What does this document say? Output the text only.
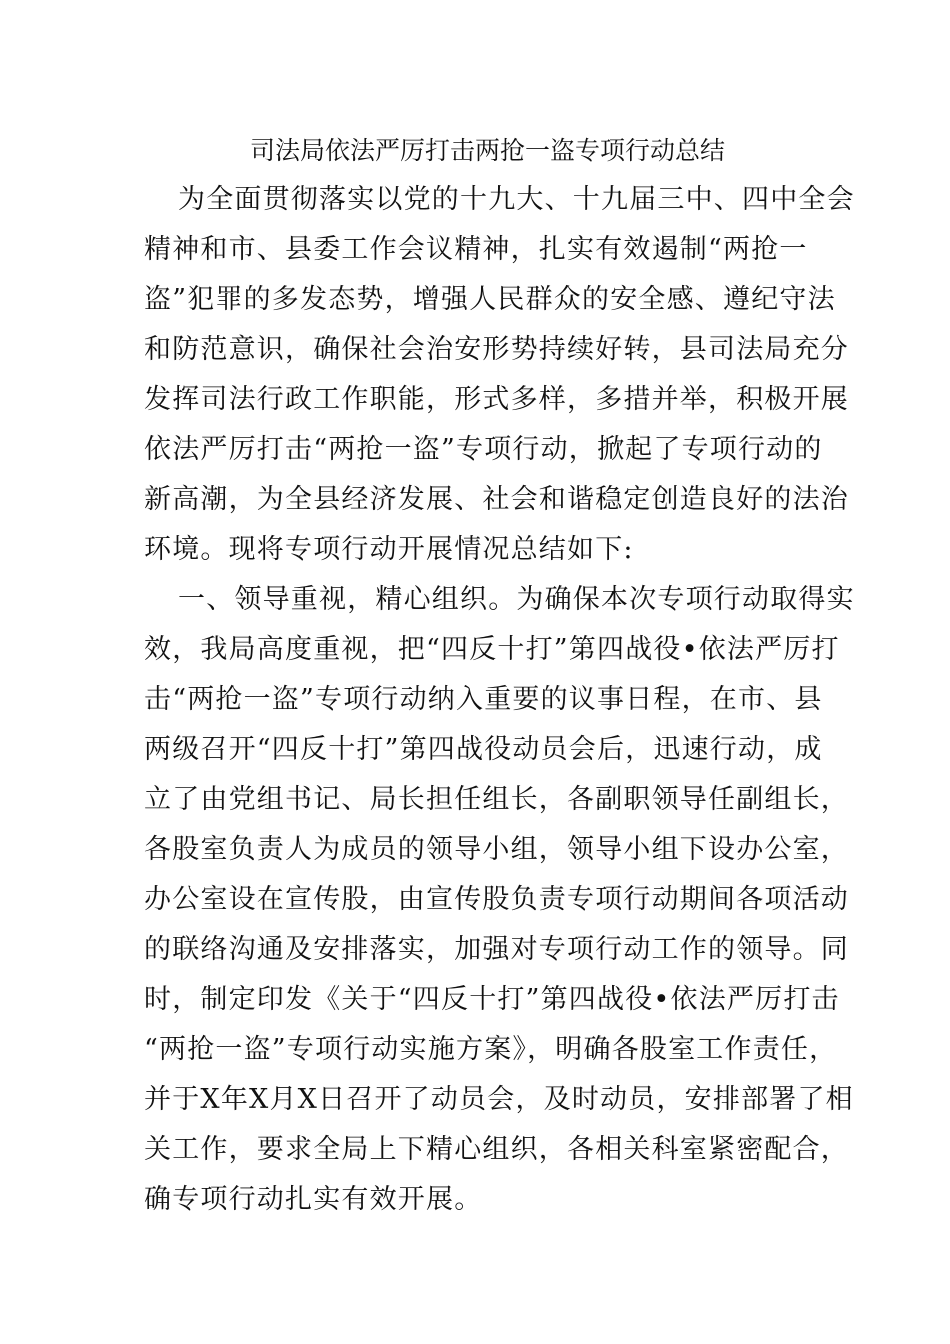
司法局依法严厉打击两抢一盗专项行动总结
为全面贯彻落实以党的十九大、十九届三中、四中全会
精神和市、县委工作会议精神，扎实有效遏制“两抢一
盗”犯罪的多发态势，增强人民群众的安全感、遵纪守法
和防范意识，确保社会治安形势持续好转，县司法局充分
发挥司法行政工作职能，形式多样，多措并举，积极开展
依法严厉打击“两抢一盗”专项行动，掀起了专项行动的
新高潮，为全县经济发展、社会和谐稳定创造良好的法治
环境。现将专项行动开展情况总结如下:
一、领导重视，精心组织。为确保本次专项行动取得实
效，我局高度重视，把“四反十打”第四战役•依法严厉打
击“两抢一盗”专项行动纳入重要的议事日程，在市、县
两级召开“四反十打”第四战役动员会后，迅速行动，成
立了由党组书记、局长担任组长，各副职领导任副组长，
各股室负责人为成员的领导小组，领导小组下设办公室，
办公室设在宣传股，由宣传股负责专项行动期间各项活动
的联络沟通及安排落实，加强对专项行动工作的领导。同
时，制定印发《关于“四反十打”第四战役•依法严厉打击
“两抢一盗”专项行动实施方案》，明确各股室工作责任，
并于X年X月X日召开了动员会，及时动员，安排部署了相
关工作，要求全局上下精心组织，各相关科室紧密配合，
确专项行动扎实有效开展。
